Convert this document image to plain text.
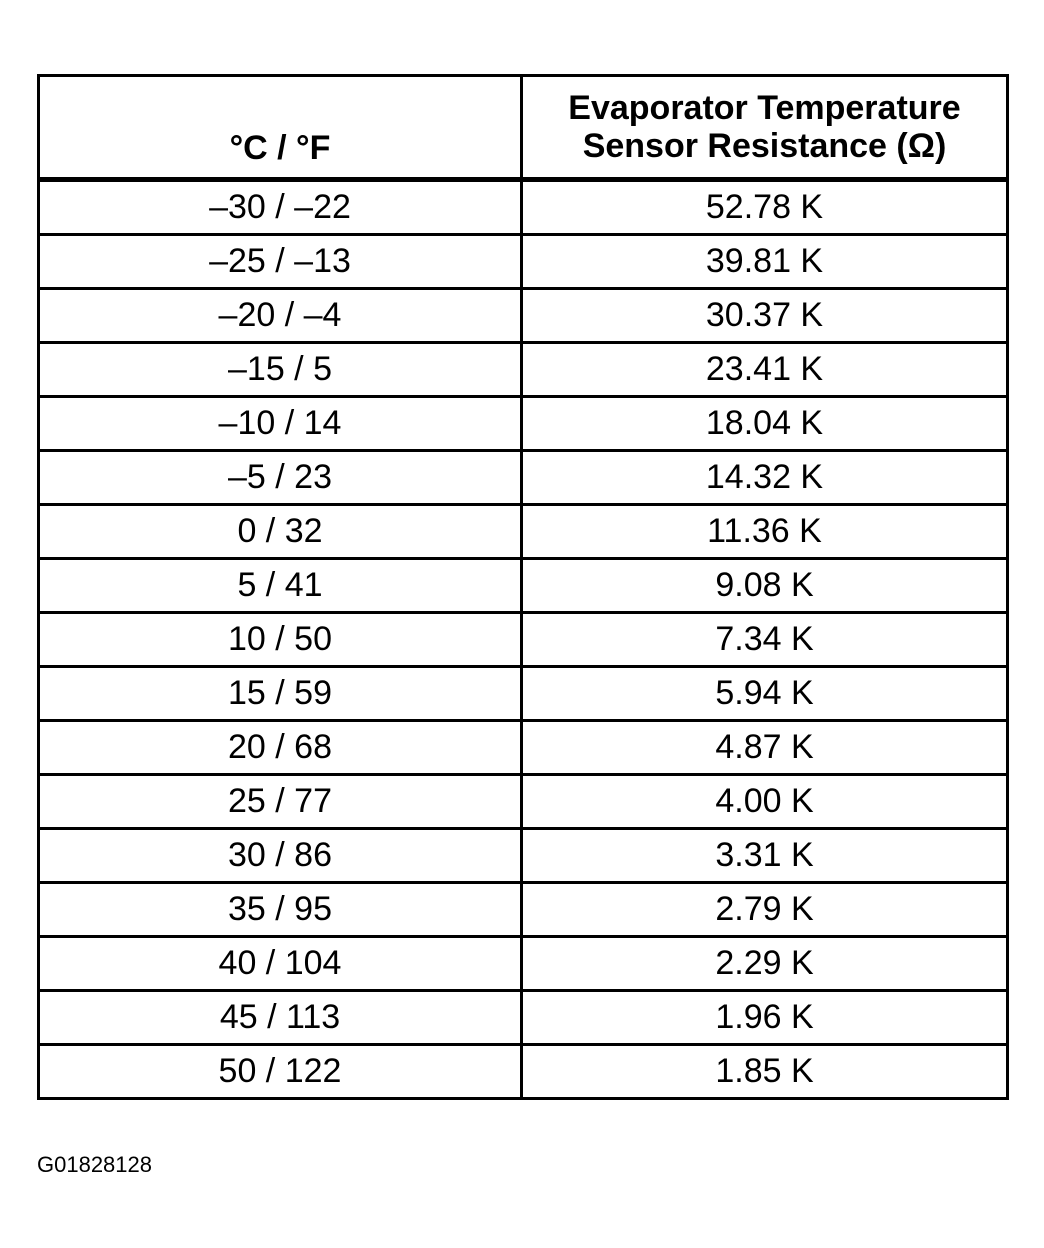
°C / °F	Evaporator Temperature
Sensor Resistance (Ω)

–30 / –22	52.78 K
–25 / –13	39.81 K
–20 / –4	30.37 K
–15 / 5	23.41 K
–10 / 14	18.04 K
–5 / 23	14.32 K
0 / 32	11.36 K
5 / 41	9.08 K
10 / 50	7.34 K
15 / 59	5.94 K
20 / 68	4.87 K
25 / 77	4.00 K
30 / 86	3.31 K
35 / 95	2.79 K
40 / 104	2.29 K
45 / 113	1.96 K
50 / 122	1.85 K
G01828128
